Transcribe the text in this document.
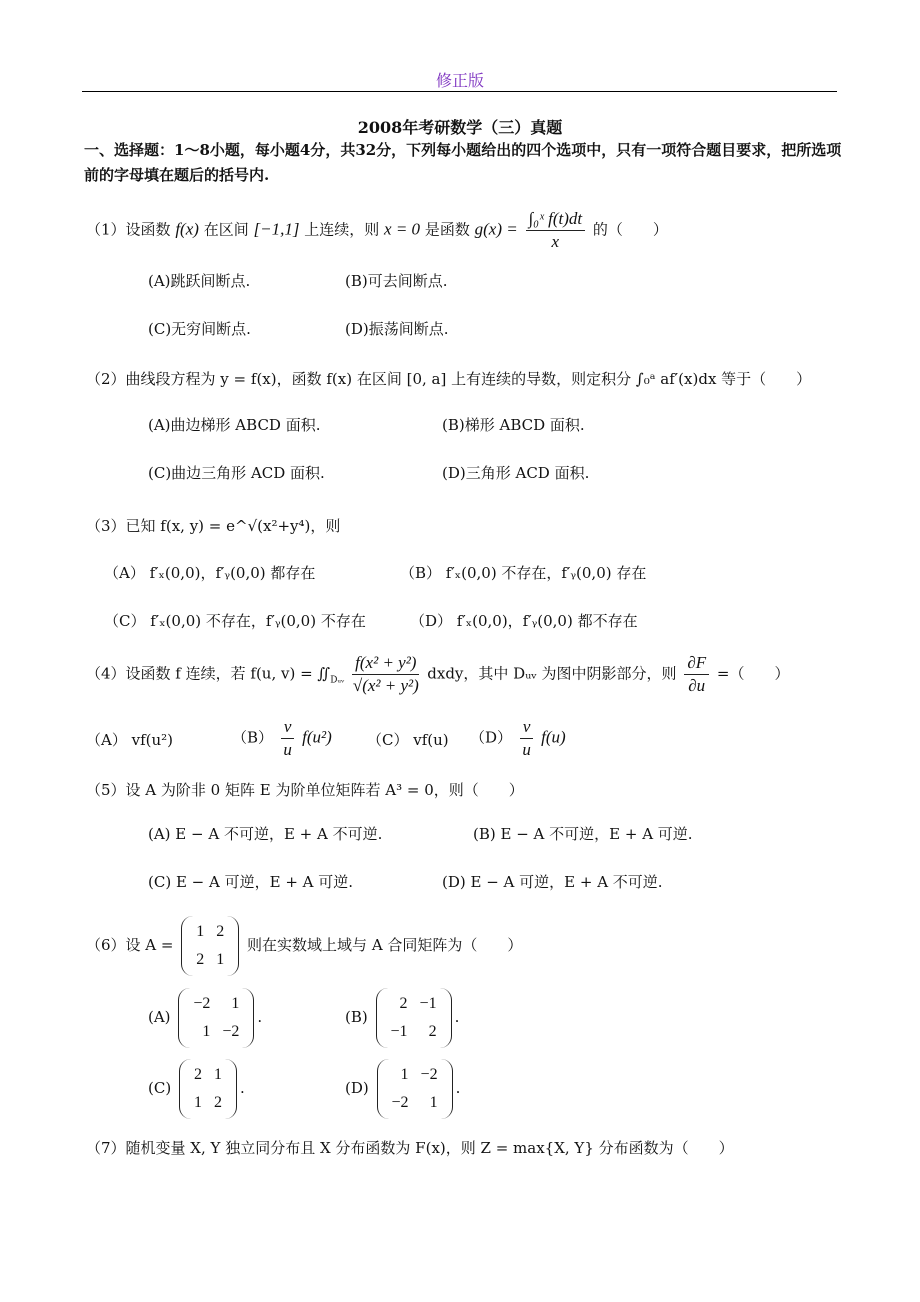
修正版
2008年考研数学（三）真题
一、选择题：1～8小题，每小题4分，共32分，下列每小题给出的四个选项中，只有一项符合题目要求，把所选项前的字母填在题后的括号内.
（1）设函数 f(x) 在区间 [−1,1] 上连续，则 x = 0 是函数 $g(x) = \frac{\text{∫₀ˣ f(t)dt}}{x}$ 的（　　）
(A)跳跃间断点.	(B)可去间断点.
(C)无穷间断点.	(D)振荡间断点.
（2）曲线段方程为 y = f(x)，函数 f(x) 在区间 [0, a] 上有连续的导数，则定积分 ∫₀ᵃ af′(x)dx 等于（　　）
(A)曲边梯形 ABCD 面积.	(B)梯形 ABCD 面积.
(C)曲边三角形 ACD 面积.	(D)三角形 ACD 面积.
（3）已知 f(x, y) = e^√(x²+y⁴)，则
（A） f′ₓ(0,0)，f′ᵧ(0,0) 都存在	（B） f′ₓ(0,0) 不存在，f′ᵧ(0,0) 存在
（C） f′ₓ(0,0) 不存在，f′ᵧ(0,0) 不存在	（D） f′ₓ(0,0)，f′ᵧ(0,0) 都不存在
（4）设函数 f 连续，若 f(u, $v) = ∬_{Dᵤᵥ} \frac{\text{f(x² + y²)}}{\text{√(x² + y²)}}$ dxdy，其中 Dᵤᵥ 为图中阴影部分，则 $\frac{\partial F}{\partial u}$ =（　　）
（A） vf(u²)	$(B) \frac{v}{u} f(u^2)$ （C） vf(u) $(D) \frac{v}{u} f(u)$
（5）设 A 为阶非 0 矩阵 E 为阶单位矩阵若 A³ = 0，则（　　）
(A) E − A 不可逆，E + A 不可逆.	(B) E − A 不可逆，E + A 可逆.
(C) E − A 可逆，E + A 可逆.	(D) E − A 可逆，E + A 不可逆.
（6）设 A =
1	2
2	1
则在实数域上域与 A 合同矩阵为（　　）
(A)
−2	1
1	−2
.	(B)
2	−1
−1	2
.
(C)
2	1
1	2
.	(D)
1	−2
−2	1
.
（7）随机变量 X, Y 独立同分布且 X 分布函数为 F(x)，则 Z = max{X, Y} 分布函数为（　　）
